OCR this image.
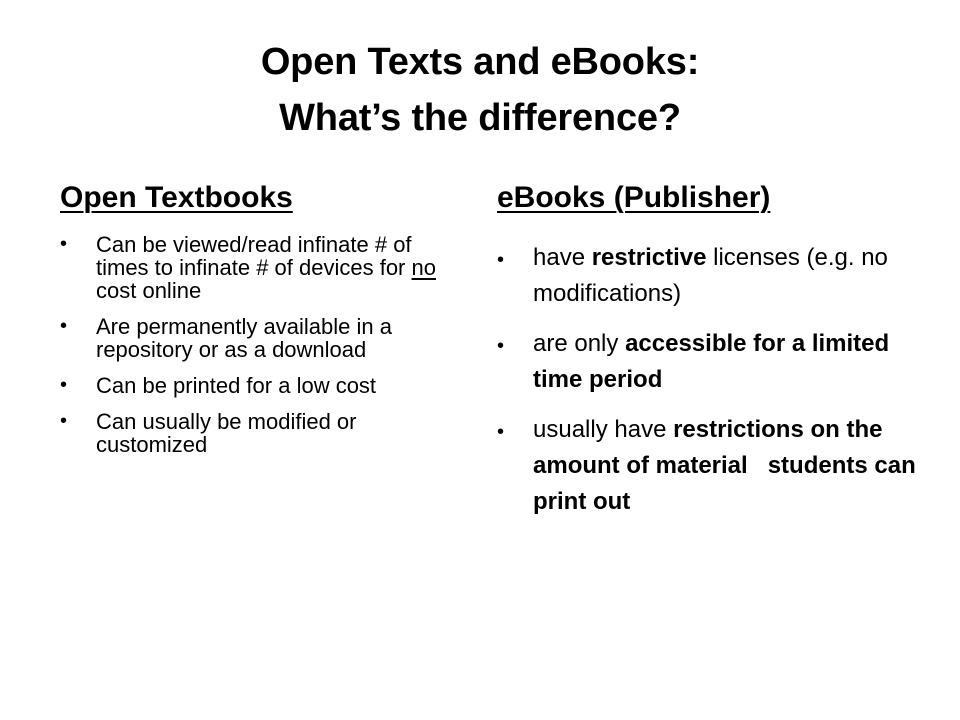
Open Texts and eBooks:
What’s the difference?
Open Textbooks
• Can be viewed/read infinate # of times to infinate # of devices for no cost online
• Are permanently available in a repository or as a download
• Can be printed for a low cost
• Can usually be modified or customized
eBooks (Publisher)
• have restrictive licenses (e.g. no modifications)
• are only accessible for a limited time period
• usually have restrictions on the amount of material   students can print out
